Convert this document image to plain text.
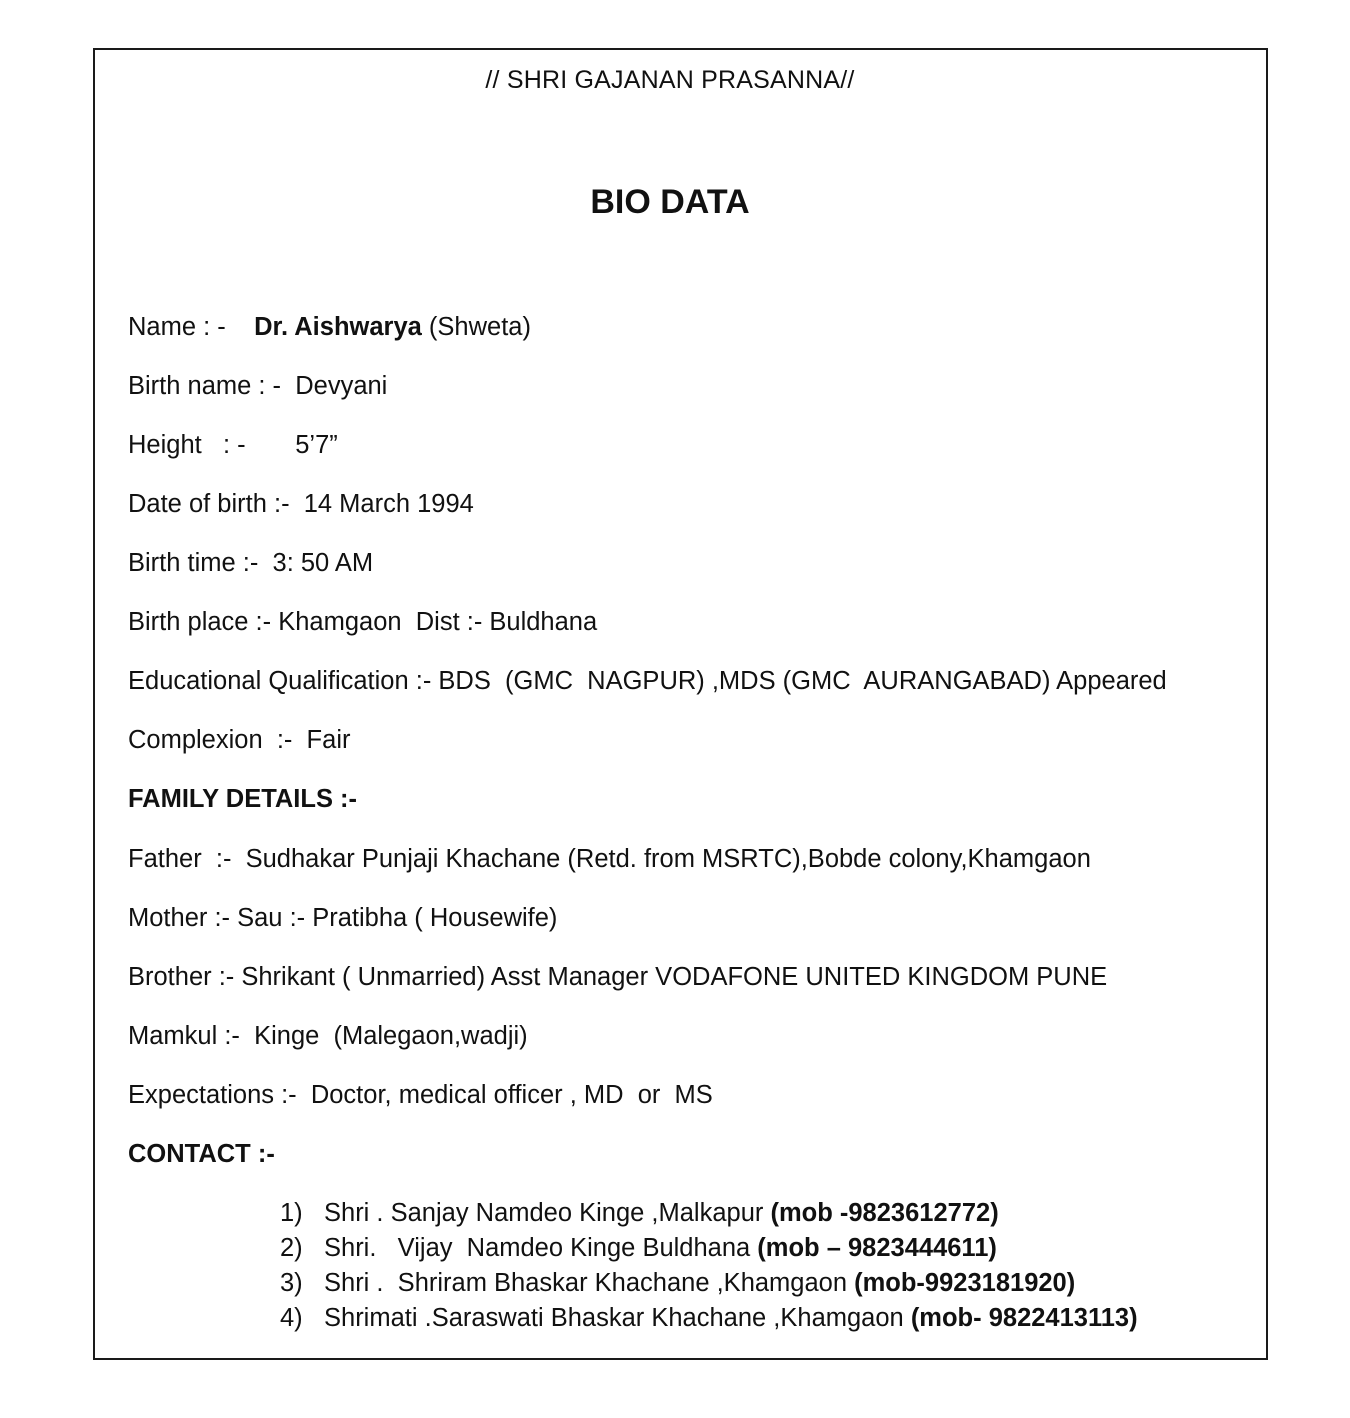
// SHRI GAJANAN PRASANNA//
BIO DATA
Name : -    Dr. Aishwarya (Shweta)
Birth name : -  Devyani
Height   : -       5’7”
Date of birth :-  14 March 1994
Birth time :-  3: 50 AM
Birth place :- Khamgaon  Dist :- Buldhana
Educational Qualification :- BDS  (GMC  NAGPUR) ,MDS (GMC  AURANGABAD) Appeared
Complexion  :-  Fair
FAMILY DETAILS :-
Father  :-  Sudhakar Punjaji Khachane (Retd. from MSRTC),Bobde colony,Khamgaon
Mother :- Sau :- Pratibha ( Housewife)
Brother :- Shrikant ( Unmarried) Asst Manager VODAFONE UNITED KINGDOM PUNE
Mamkul :-  Kinge  (Malegaon,wadji)
Expectations :-  Doctor, medical officer , MD  or  MS
CONTACT :-
1) Shri . Sanjay Namdeo Kinge ,Malkapur (mob -9823612772)
2) Shri.   Vijay  Namdeo Kinge Buldhana (mob – 9823444611)
3) Shri .  Shriram Bhaskar Khachane ,Khamgaon (mob-9923181920)
4) Shrimati .Saraswati Bhaskar Khachane ,Khamgaon (mob- 9822413113)
